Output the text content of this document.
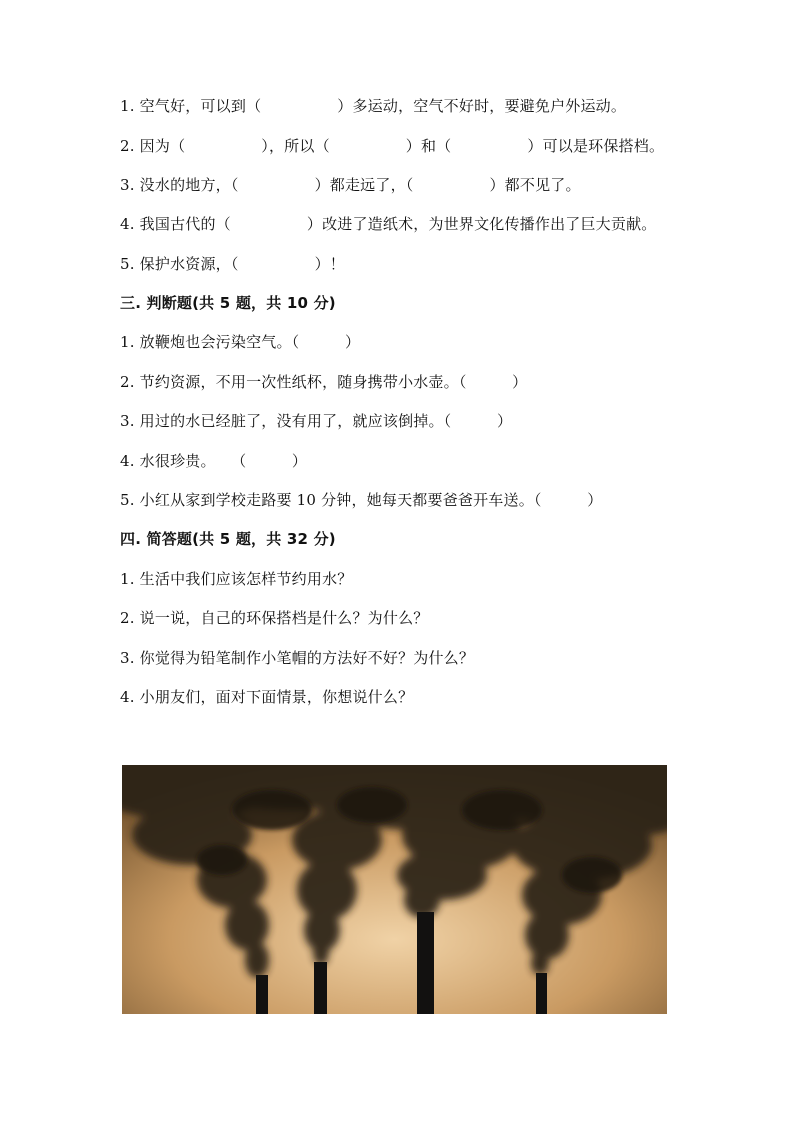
1. 空气好，可以到（　　　　　）多运动，空气不好时，要避免户外运动。
2. 因为（　　　　　），所以（　　　　　）和（　　　　　）可以是环保搭档。
3. 没水的地方，（　　　　　）都走远了，（　　　　　）都不见了。
4. 我国古代的（　　　　　）改进了造纸术，为世界文化传播作出了巨大贡献。
5. 保护水资源，（　　　　　）！
三. 判断题(共 5 题，共 10 分)
1. 放鞭炮也会污染空气。（　　　）
2. 节约资源，不用一次性纸杯，随身携带小水壶。（　　　）
3. 用过的水已经脏了，没有用了，就应该倒掉。（　　　）
4. 水很珍贵。　　（　　　）
5. 小红从家到学校走路要 10 分钟，她每天都要爸爸开车送。（　　　）
四. 简答题(共 5 题，共 32 分)
1. 生活中我们应该怎样节约用水？
2. 说一说，自己的环保搭档是什么？为什么？
3. 你觉得为铅笔制作小笔帽的方法好不好？为什么？
4. 小朋友们，面对下面情景，你想说什么？
